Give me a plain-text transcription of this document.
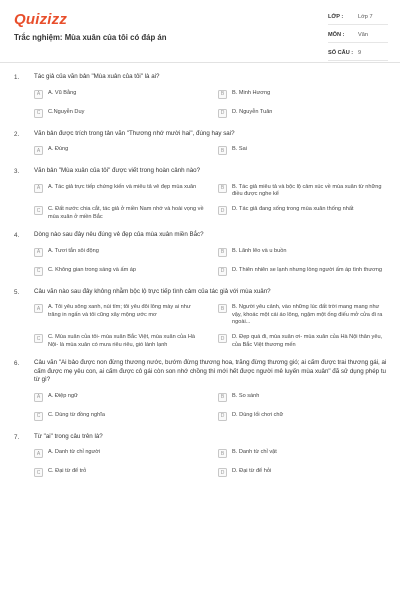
Quizizz
Trắc nghiệm: Mùa xuân của tôi có đáp án
LỚP :	Lớp 7
MÔN :	Văn
SỐ CÂU : 9
1.	Tác giả của văn bản "Mùa xuân của tôi" là ai?
A	A. Vũ Bằng	B	B. Minh Hương
C	C.Nguyễn Duy	D	D. Nguyễn Tuân
2.	Văn bản được trích trong tản văn "Thương nhớ mười hai", đúng hay sai?
A	A. Đúng	B	B. Sai
3.	Văn bản "Mùa xuân của tôi" được viết trong hoàn cảnh nào?
A	A. Tác giả trực tiếp chứng kiến và miêu tả vẻ đẹp mùa xuân	B	B. Tác giả miêu tả và bộc lộ cảm xúc về mùa xuân từ những điều được nghe kể
C	C. Đất nước chia cắt, tác giả ở miền Nam nhớ và hoài vọng về mùa xuân ở miền Bắc
D	D. Tác giả đang sống trong mùa xuân thống nhất
4.	Dòng nào sau đây nêu đúng vẻ đẹp của mùa xuân miền Bắc?
A	A. Tươi tắn sôi động	B	B. Lãnh lẽo và u buồn
C	C. Không gian trong sáng và ấm áp	D	D. Thiên nhiên se lạnh nhưng lòng người ấm áp tình thương
5.	Câu văn nào sau đây không nhằm bộc lộ trực tiếp tình cảm của tác giả với mùa xuân?
A	A. Tôi yêu sông xanh, núi tím; tôi yêu đôi lông mày ai như trăng in ngấn và tôi cũng xây mộng ước mơ
B	B. Người yêu cảnh, vào những lúc đất trời mang mang như vậy, khoác một cái áo lông, ngậm một ống điếu mở cửa đi ra ngoài...
C	C. Mùa xuân của tôi- mùa xuân Bắc Việt, mùa xuân của Hà Nội- là mùa xuân có mưa riêu riêu, gió lành lạnh
D	D. Đẹp quá đi, mùa xuân ơi- mùa xuân của Hà Nội thân yêu, của Bắc Việt thương mến
6.	Câu văn "Ai bảo được non đừng thương nước, bướm đừng thương hoa, trăng đừng thương gió; ai cấm được trai thương gái, ai cấm được mẹ yêu con, ai cấm được cô gái còn son nhớ chồng thì mới hết được người mê luyến mùa xuân" đã sử dụng phép tu từ gì?
A	A. Điệp ngữ	B	B. So sánh
C	C. Dùng từ đồng nghĩa	D	D. Dùng lối chơi chữ
7.	Từ "ai" trong câu trên là?
A	A. Danh từ chỉ người	B	B. Danh từ chỉ vật
C	C. Đại từ để trỏ	D	D. Đại từ để hỏi
